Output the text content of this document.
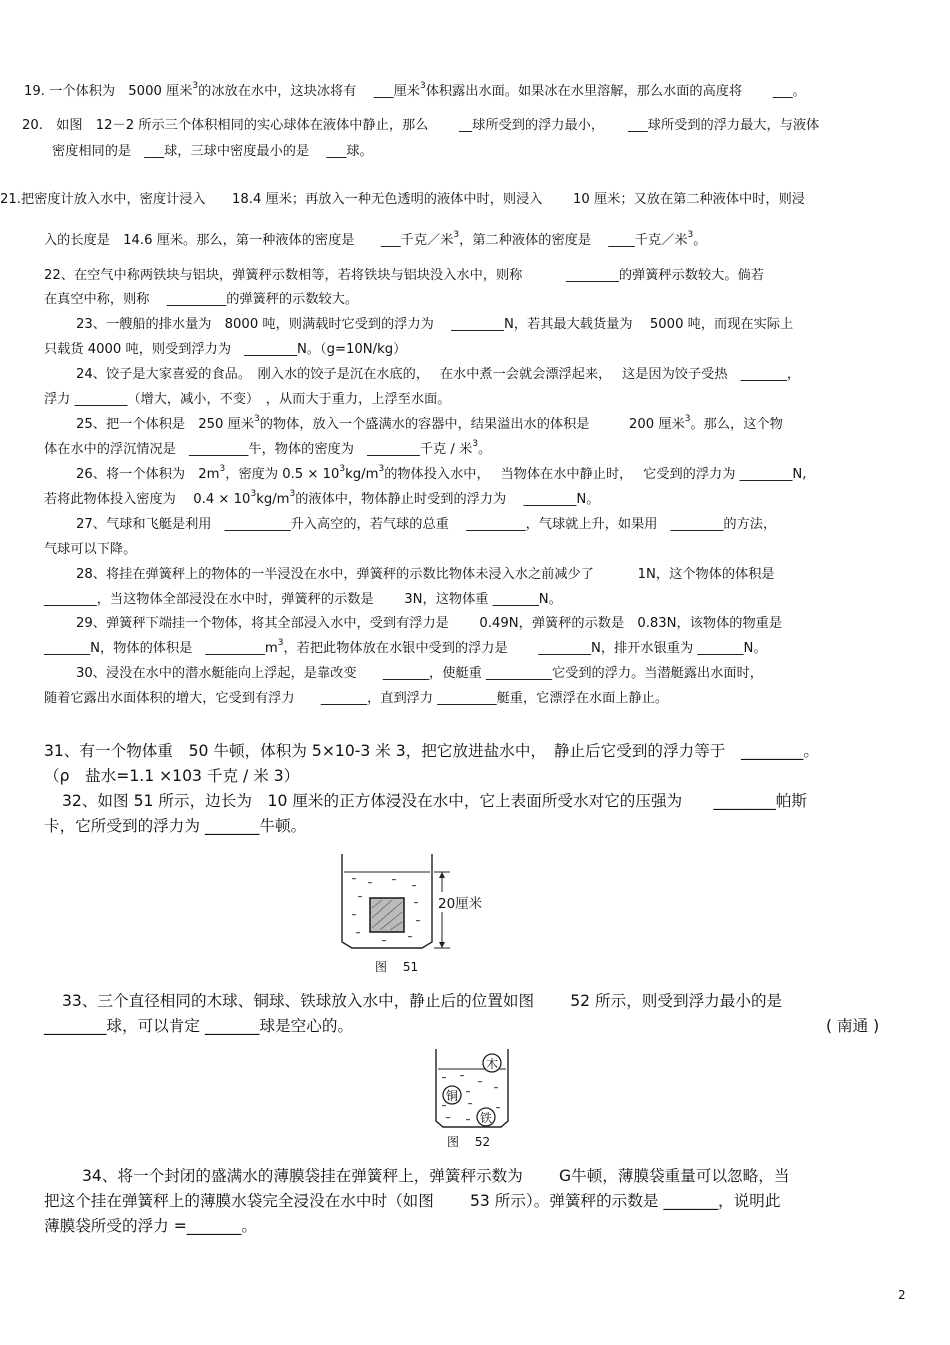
19. 一个体积为　5000 厘米$^3$的冰放在水中，这块冰将有　 ___厘米$^3$体积露出水面。如果冰在水里溶解，那么水面的高度将　　 ___。
20.　如图　12－2 所示三个体积相同的实心球体在液体中静止，那么　　 __球所受到的浮力最小，　　 ___球所受到的浮力最大，与液体
密度相同的是　___球，三球中密度最小的是　 ___球。
21.把密度计放入水中，密度计浸入　　18.4 厘米；再放入一种无色透明的液体中时，则浸入　　 10 厘米；又放在第二种液体中时，则浸
入的长度是　14.6 厘米。那么，第一种液体的密度是　　___千克／米$^3$，第二种液体的密度是　 ____千克／米$^3$。
22、在空气中称两铁块与铝块，弹簧秤示数相等，若将铁块与铝块没入水中，则称　　　 ________的弹簧秤示数较大。倘若
在真空中称，则称　 _________的弹簧秤的示数较大。
23、一艘船的排水量为　8000 吨，则满载时它受到的浮力为　 ________N，若其最大载货量为　 5000 吨，而现在实际上
只载货 4000 吨，则受到浮力为　________N。（g=10N/kg）
24、饺子是大家喜爱的食品。　刚入水的饺子是沉在水底的，　 在水中煮一会就会漂浮起来，　 这是因为饺子受热　_______，
浮力 ________（增大，减小，不变）　，从而大于重力，上浮至水面。
25、把一个体积是　250 厘米$^3$的物体，放入一个盛满水的容器中，结果溢出水的体积是　　　200 厘米$^3$。那么，这个物
体在水中的浮沉情况是　_________牛，物体的密度为　________千克 / 米$^3$。
26、将一个体积为　$2m^3$，密度为 $0.5 \times 10^3kg/m^3$的物体投入水中，　 当物体在水中静止时，　 它受到的浮力为 ________N,
若将此物体投入密度为　 $0.4 \times 10^3kg/m^3$的液体中，物体静止时受到的浮力为　 ________N。
27、气球和飞艇是利用　__________升入高空的，若气球的总重　 _________，气球就上升，如果用　________的方法，
气球可以下降。
28、将挂在弹簧秤上的物体的一半浸没在水中，弹簧秤的示数比物体未浸入水之前减少了　　　 1N，这个物体的体积是
________，当这物体全部浸没在水中时，弹簧秤的示数是　　 3N，这物体重 _______N。
29、弹簧秤下端挂一个物体，将其全部浸入水中，受到有浮力是　　 0.49N，弹簧秤的示数是　0.83N，该物体的物重是
_______N，物体的体积是　$\_\_\_\_\_\_\_\_\_m^3$，若把此物体放在水银中受到的浮力是　　 ________N，排开水银重为 _______N。
30、浸没在水中的潜水艇能向上浮起，是靠改变　　_______，使艇重 __________它受到的浮力。当潜艇露出水面时，
随着它露出水面体积的增大，它受到有浮力　　_______，直到浮力 _________艇重，它漂浮在水面上静止。
31、有一个物体重　50 牛顿，体积为 5×10-3 米 3，把它放进盐水中，　静止后它受到的浮力等于　________。
（ρ　盐水=1.1 ×103 千克 / 米 3）
32、如图 51 所示，边长为　10 厘米的正方体浸没在水中，它上表面所受水对它的压强为　　________帕斯
卡，它所受到的浮力为 _______牛顿。
20厘米
图　 51
33、三个直径相同的木球、铜球、铁球放入水中，静止后的位置如图　　 52 所示，则受到浮力最小的是
________球，可以肯定 _______球是空心的。	( 南通 )
木
铜
铁
图　 52
34、将一个封闭的盛满水的薄膜袋挂在弹簧秤上，弹簧秤示数为　　 G牛顿，薄膜袋重量可以忽略，当
把这个挂在弹簧秤上的薄膜水袋完全浸没在水中时（如图　　 53 所示）。弹簧秤的示数是 _______，说明此
薄膜袋所受的浮力 =_______。
2
